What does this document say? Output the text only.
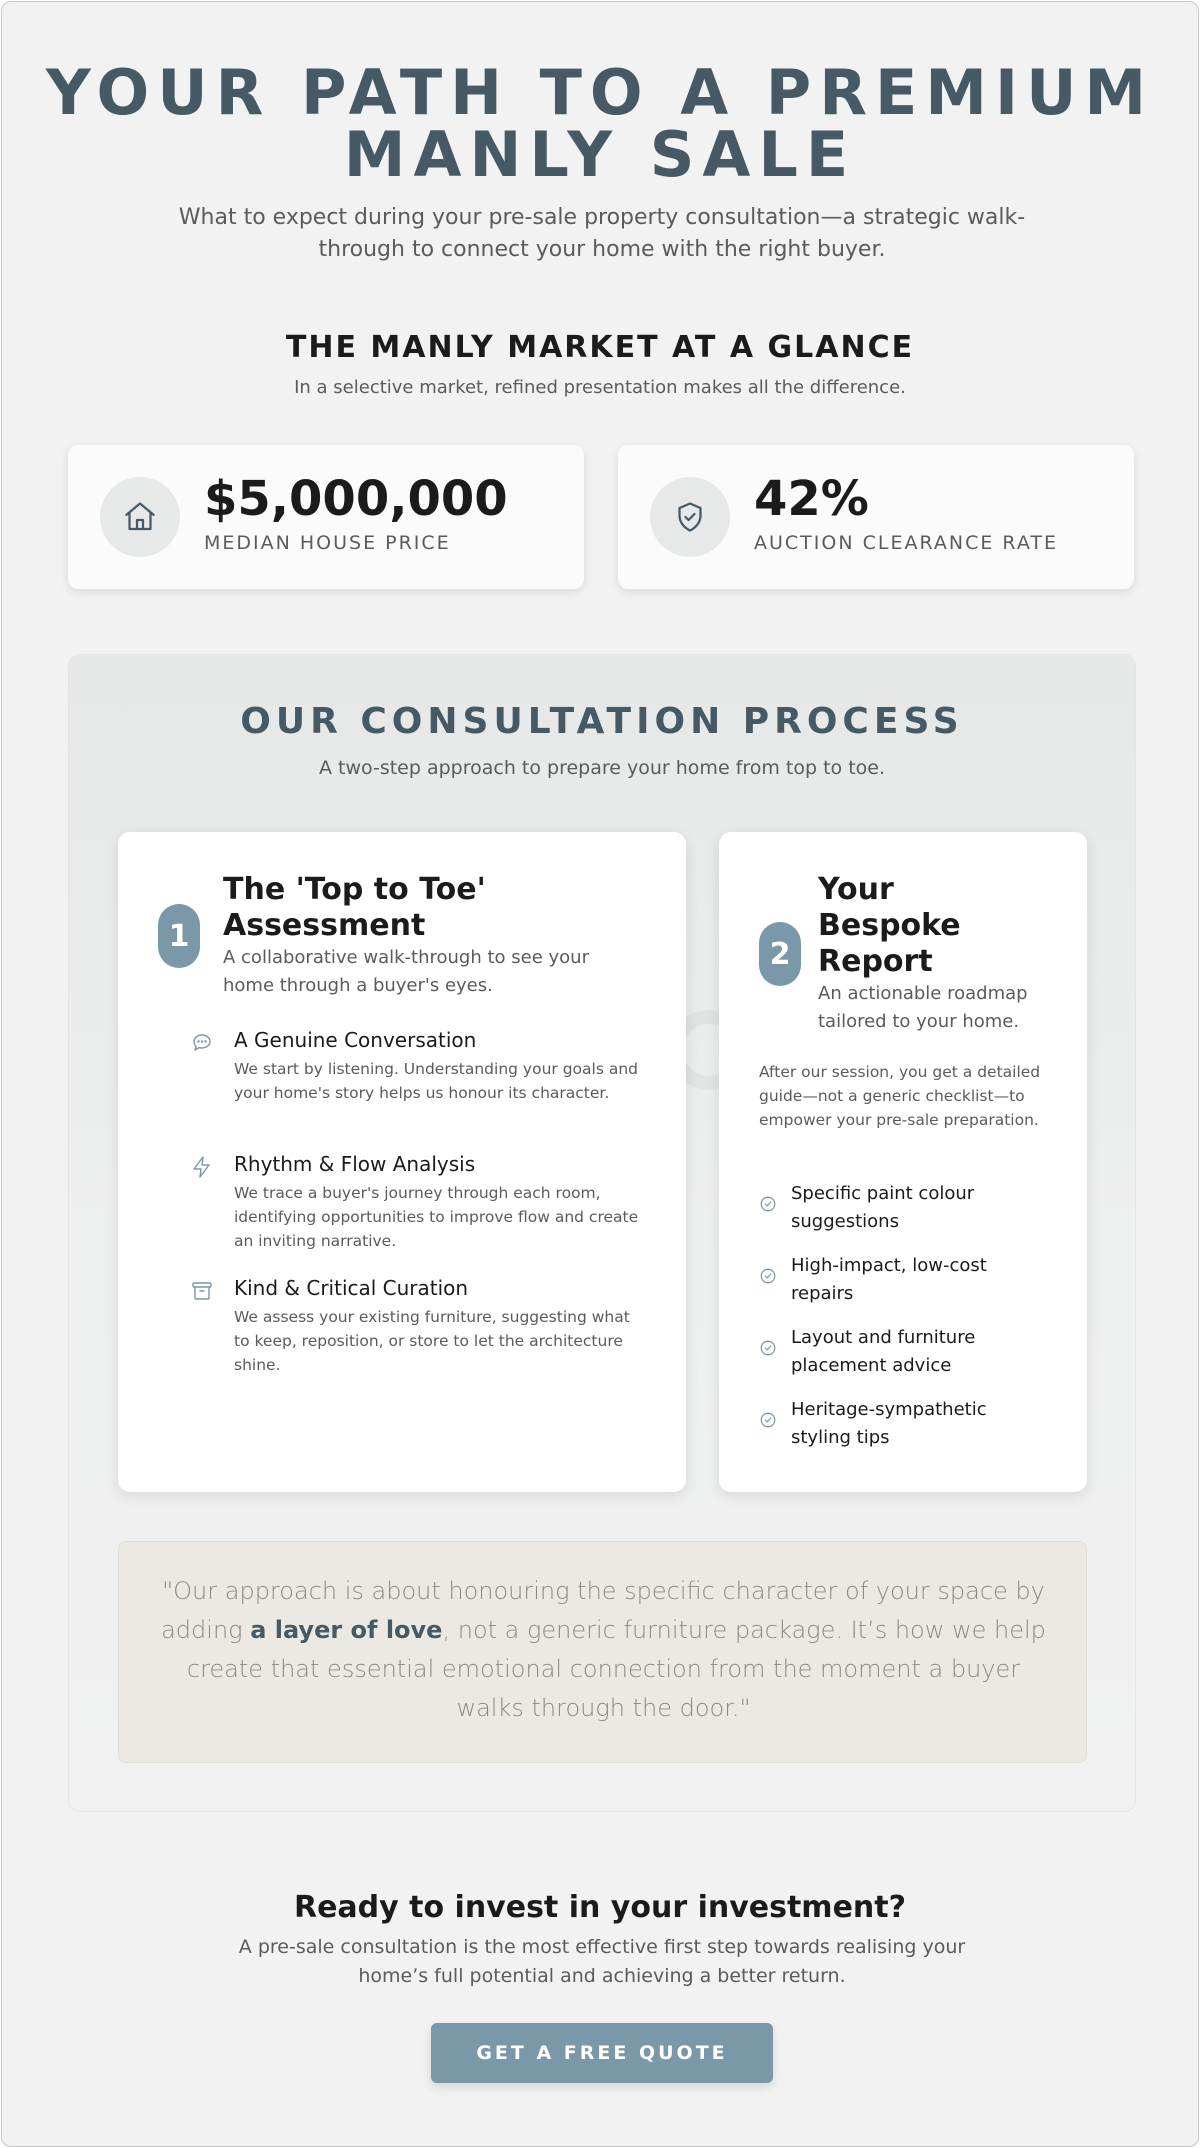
YOUR PATH TO A PREMIUM
MANLY SALE

What to expect during your pre-sale property consultation—a strategic walk-through to connect your home with the right buyer.

THE MANLY MARKET AT A GLANCE

In a selective market, refined presentation makes all the difference.

$5,000,000
MEDIAN HOUSE PRICE
42%
AUCTION CLEARANCE RATE
OUR CONSULTATION PROCESS

A two-step approach to prepare your home from top to toe.

1
The 'Top to Toe' Assessment

A collaborative walk-through to see your home through a buyer's eyes.

A Genuine Conversation
We start by listening. Understanding your goals and your home's story helps us honour its character.
Rhythm & Flow Analysis
We trace a buyer's journey through each room, identifying opportunities to improve flow and create an inviting narrative.
Kind & Critical Curation
We assess your existing furniture, suggesting what to keep, reposition, or store to let the architecture shine.
2
Your Bespoke Report

An actionable roadmap tailored to your home.

After our session, you get a detailed guide—not a generic checklist—to empower your pre-sale preparation.

Specific paint colour suggestions
High-impact, low-cost repairs
Layout and furniture placement advice
Heritage-sympathetic styling tips

"Our approach is about honouring the specific character of your space by adding a layer of love, not a generic furniture package. It’s how we help create that essential emotional connection from the moment a buyer walks through the door."

Ready to invest in your investment?

A pre-sale consultation is the most effective first step towards realising your home’s full potential and achieving a better return.

GET A FREE QUOTE
